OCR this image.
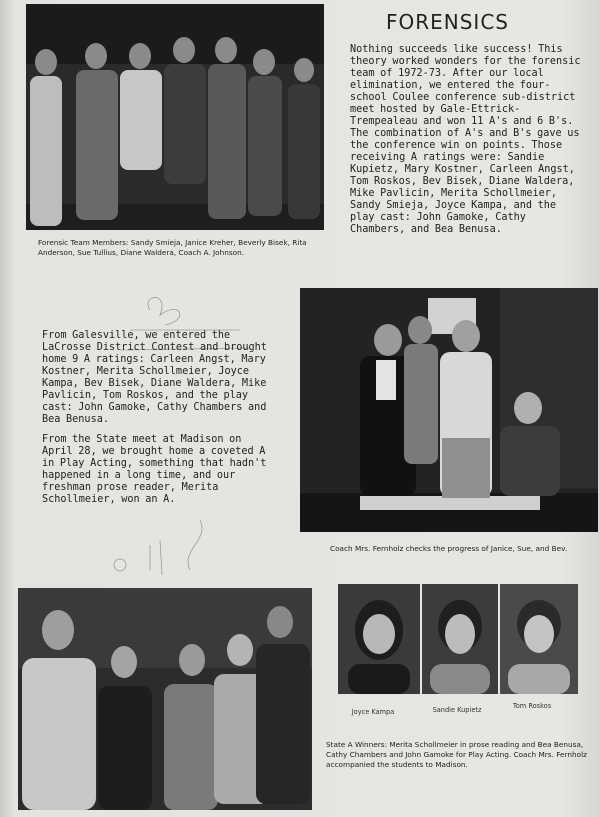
FORENSICS

Nothing succeeds like success! This theory worked wonders for the forensic team of 1972-73. After our local elimination, we entered the four-school Coulee conference sub-district meet hosted by Gale-Ettrick-Trempealeau and won 11 A's and 6 B's. The combination of A's and B's gave us the conference win on points. Those receiving A ratings were: Sandie Kupietz, Mary Kostner, Carleen Angst, Tom Roskos, Bev Bisek, Diane Waldera, Mike Pavlicin, Merita Schollmeier, Sandy Smieja, Joyce Kampa, and the play cast: John Gamoke, Cathy Chambers, and Bea Benusa.

Forensic Team Members: Sandy Smieja, Janice Kreher, Beverly Bisek, Rita Anderson, Sue Tullius, Diane Waldera, Coach A. Johnson.

From Galesville, we entered the LaCrosse District Contest and brought home 9 A ratings: Carleen Angst, Mary Kostner, Merita Schollmeier, Joyce Kampa, Bev Bisek, Diane Waldera, Mike Pavlicin, Tom Roskos, and the play cast: John Gamoke, Cathy Chambers and Bea Benusa.

From the State meet at Madison on April 28, we brought home a coveted A in Play Acting, something that hadn't happened in a long time, and our freshman prose reader, Merita Schollmeier, won an A.

Coach Mrs. Fernholz checks the progress of Janice, Sue, and Bev.
Joyce Kampa	Sandie Kupietz	Tom Roskos
State A Winners: Merita Schollmeier in prose reading and Bea Benusa, Cathy Chambers and John Gamoke for Play Acting. Coach Mrs. Fernholz accompanied the students to Madison.
